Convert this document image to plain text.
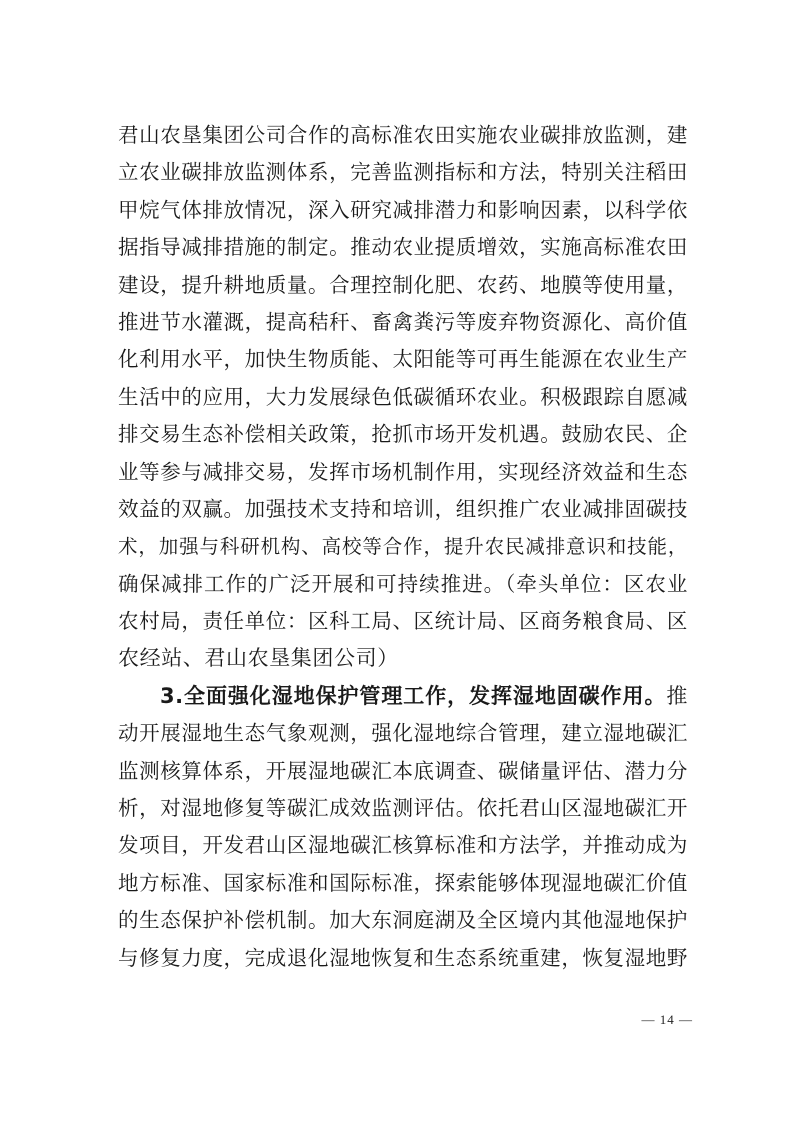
君山农垦集团公司合作的高标准农田实施农业碳排放监测，建
立农业碳排放监测体系，完善监测指标和方法，特别关注稻田
甲烷气体排放情况，深入研究减排潜力和影响因素，以科学依
据指导减排措施的制定。推动农业提质增效，实施高标准农田
建设，提升耕地质量。合理控制化肥、农药、地膜等使用量，
推进节水灌溉，提高秸秆、畜禽粪污等废弃物资源化、高价值
化利用水平，加快生物质能、太阳能等可再生能源在农业生产
生活中的应用，大力发展绿色低碳循环农业。积极跟踪自愿减
排交易生态补偿相关政策，抢抓市场开发机遇。鼓励农民、企
业等参与减排交易，发挥市场机制作用，实现经济效益和生态
效益的双赢。加强技术支持和培训，组织推广农业减排固碳技
术，加强与科研机构、高校等合作，提升农民减排意识和技能，
确保减排工作的广泛开展和可持续推进。（牵头单位：区农业
农村局，责任单位：区科工局、区统计局、区商务粮食局、区
农经站、君山农垦集团公司）
3.全面强化湿地保护管理工作，发挥湿地固碳作用。推
动开展湿地生态气象观测，强化湿地综合管理，建立湿地碳汇
监测核算体系，开展湿地碳汇本底调查、碳储量评估、潜力分
析，对湿地修复等碳汇成效监测评估。依托君山区湿地碳汇开
发项目，开发君山区湿地碳汇核算标准和方法学，并推动成为
地方标准、国家标准和国际标准，探索能够体现湿地碳汇价值
的生态保护补偿机制。加大东洞庭湖及全区境内其他湿地保护
与修复力度，完成退化湿地恢复和生态系统重建，恢复湿地野
— 14 —
